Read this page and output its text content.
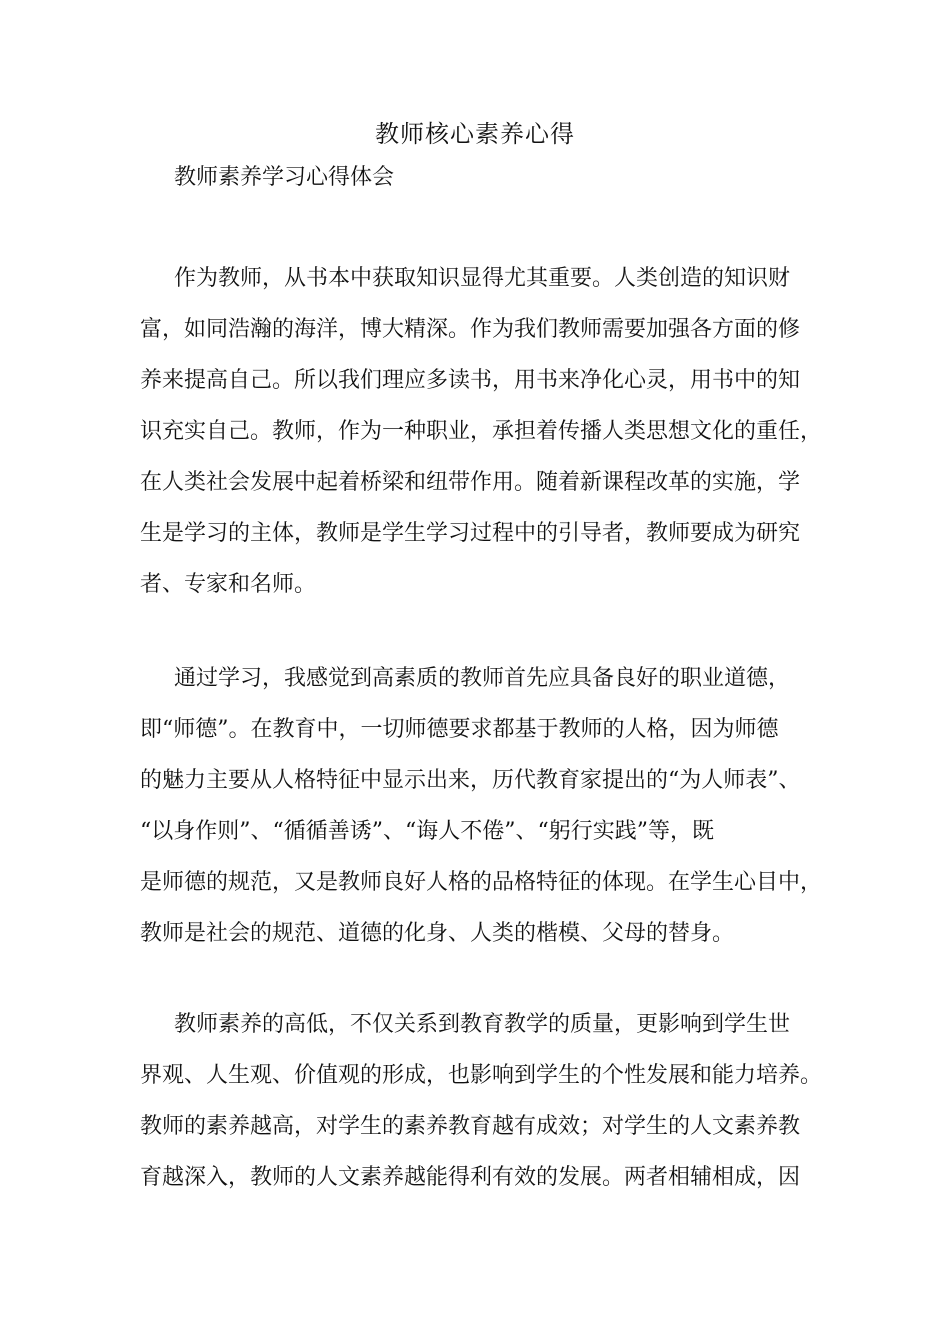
教师核心素养心得
教师素养学习心得体会
作为教师，从书本中获取知识显得尤其重要。人类创造的知识财
富，如同浩瀚的海洋，博大精深。作为我们教师需要加强各方面的修
养来提高自己。所以我们理应多读书，用书来净化心灵，用书中的知
识充实自己。教师，作为一种职业，承担着传播人类思想文化的重任，
在人类社会发展中起着桥梁和纽带作用。随着新课程改革的实施，学
生是学习的主体，教师是学生学习过程中的引导者，教师要成为研究
者、专家和名师。
通过学习，我感觉到高素质的教师首先应具备良好的职业道德，
即“师德”。在教育中，一切师德要求都基于教师的人格，因为师德
的魅力主要从人格特征中显示出来，历代教育家提出的“为人师表”、
“以身作则”、“循循善诱”、“诲人不倦”、“躬行实践”等，既
是师德的规范，又是教师良好人格的品格特征的体现。在学生心目中，
教师是社会的规范、道德的化身、人类的楷模、父母的替身。
教师素养的高低，不仅关系到教育教学的质量，更影响到学生世
界观、人生观、价值观的形成，也影响到学生的个性发展和能力培养。
教师的素养越高，对学生的素养教育越有成效；对学生的人文素养教
育越深入，教师的人文素养越能得利有效的发展。两者相辅相成，因
